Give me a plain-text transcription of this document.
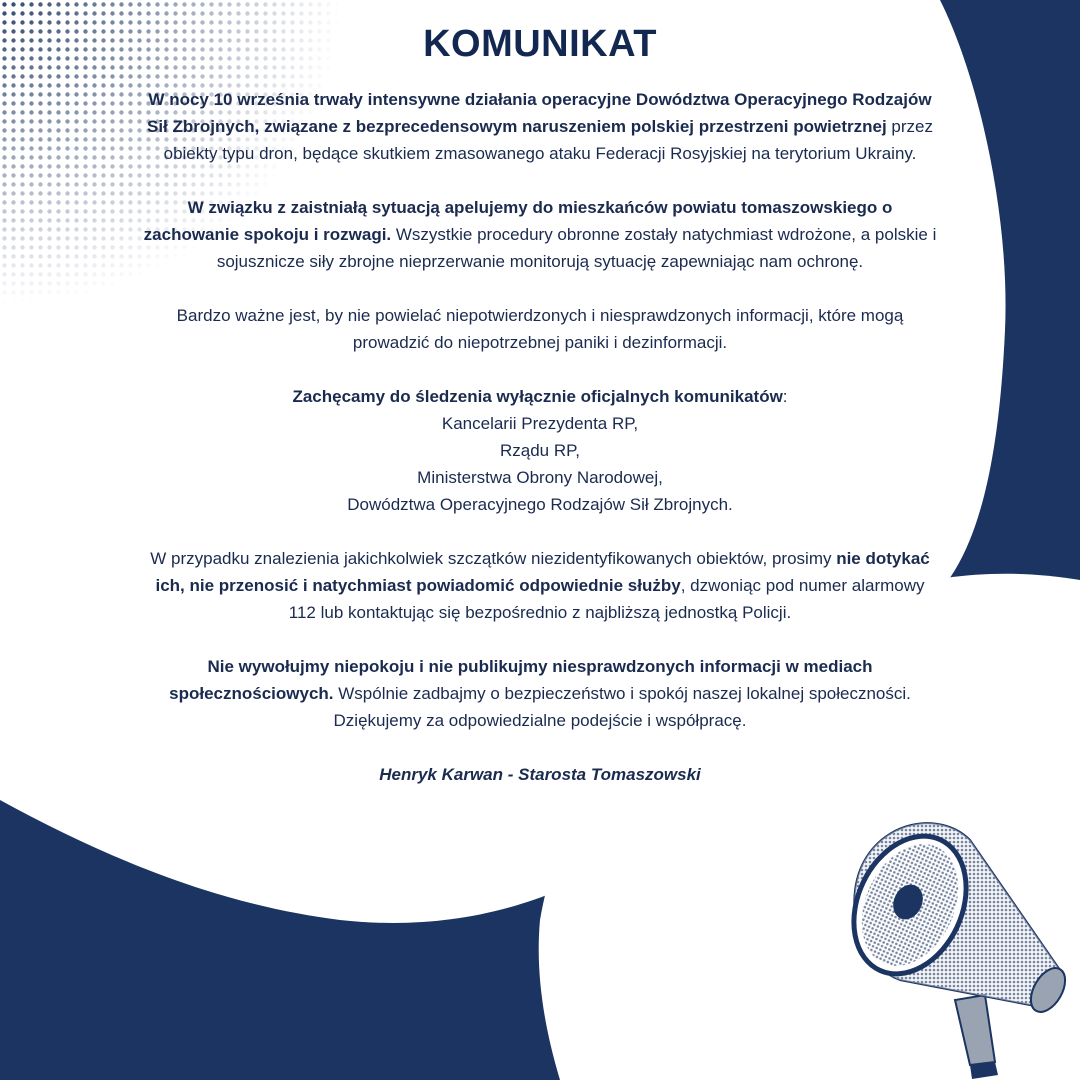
KOMUNIKAT

W nocy 10 września trwały intensywne działania operacyjne Dowództwa Operacyjnego Rodzajów Sił Zbrojnych, związane z bezprecedensowym naruszeniem polskiej przestrzeni powietrznej przez obiekty typu dron, będące skutkiem zmasowanego ataku Federacji Rosyjskiej na terytorium Ukrainy.

W związku z zaistniałą sytuacją apelujemy do mieszkańców powiatu tomaszowskiego o zachowanie spokoju i rozwagi. Wszystkie procedury obronne zostały natychmiast wdrożone, a polskie i sojusznicze siły zbrojne nieprzerwanie monitorują sytuację zapewniając nam ochronę.

Bardzo ważne jest, by nie powielać niepotwierdzonych i niesprawdzonych informacji, które mogą prowadzić do niepotrzebnej paniki i dezinformacji.

Zachęcamy do śledzenia wyłącznie oficjalnych komunikatów:
Kancelarii Prezydenta RP,
Rządu RP,
Ministerstwa Obrony Narodowej,
Dowództwa Operacyjnego Rodzajów Sił Zbrojnych.

W przypadku znalezienia jakichkolwiek szczątków niezidentyfikowanych obiektów, prosimy nie dotykać ich, nie przenosić i natychmiast powiadomić odpowiednie służby, dzwoniąc pod numer alarmowy 112 lub kontaktując się bezpośrednio z najbliższą jednostką Policji.

Nie wywołujmy niepokoju i nie publikujmy niesprawdzonych informacji w mediach społecznościowych. Wspólnie zadbajmy o bezpieczeństwo i spokój naszej lokalnej społeczności.
Dziękujemy za odpowiedzialne podejście i współpracę.

Henryk Karwan - Starosta Tomaszowski
